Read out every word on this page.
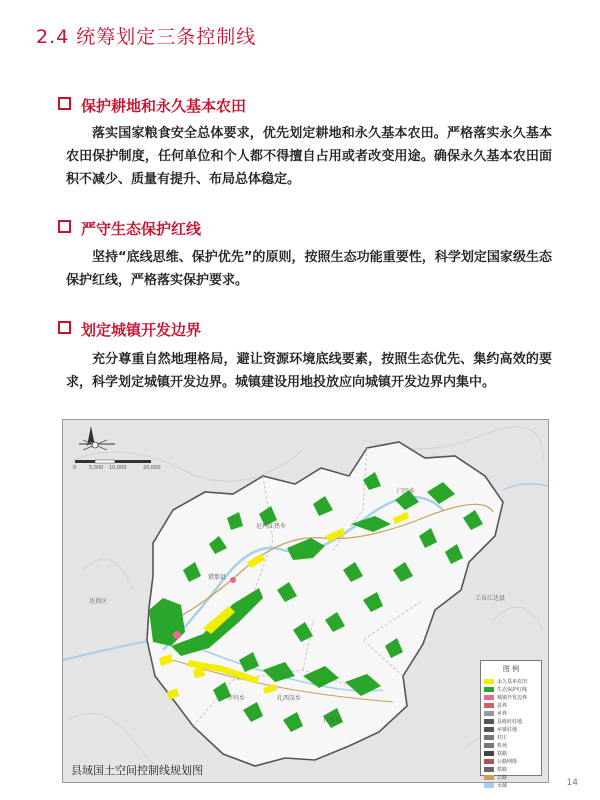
2.4 统筹划定三条控制线
保护耕地和永久基本农田
落实国家粮食安全总体要求，优先划定耕地和永久基本农田。严格落实永久基本农田保护制度，任何单位和个人都不得擅自占用或者改变用途。确保永久基本农田面积不减少、质量有提升、布局总体稳定。
严守生态保护红线
坚持“底线思维、保护优先”的原则，按照生态功能重要性，科学划定国家级生态保护红线，严格落实保护要求。
划定城镇开发边界
充分尊重自然地理格局，避让资源环境底线要素，按照生态优先、集约高效的要求，科学划定城镇开发边界。城镇建设用地投放应向城镇开发边界内集中。
0	5,000 10,000	20,000
门巴乡
尼玛江热乡
错那县
甲玛乡	扎西岗乡
日多乡
工布江达县
达孜区
图 例
永久基本农田
生态保护红线
城镇开发边界
县界
乡界
县政府驻地
乡镇驻地
村庄
机场
铁路
公路网络
铁路
公路
水域
县域国土空间控制线规划图
14
